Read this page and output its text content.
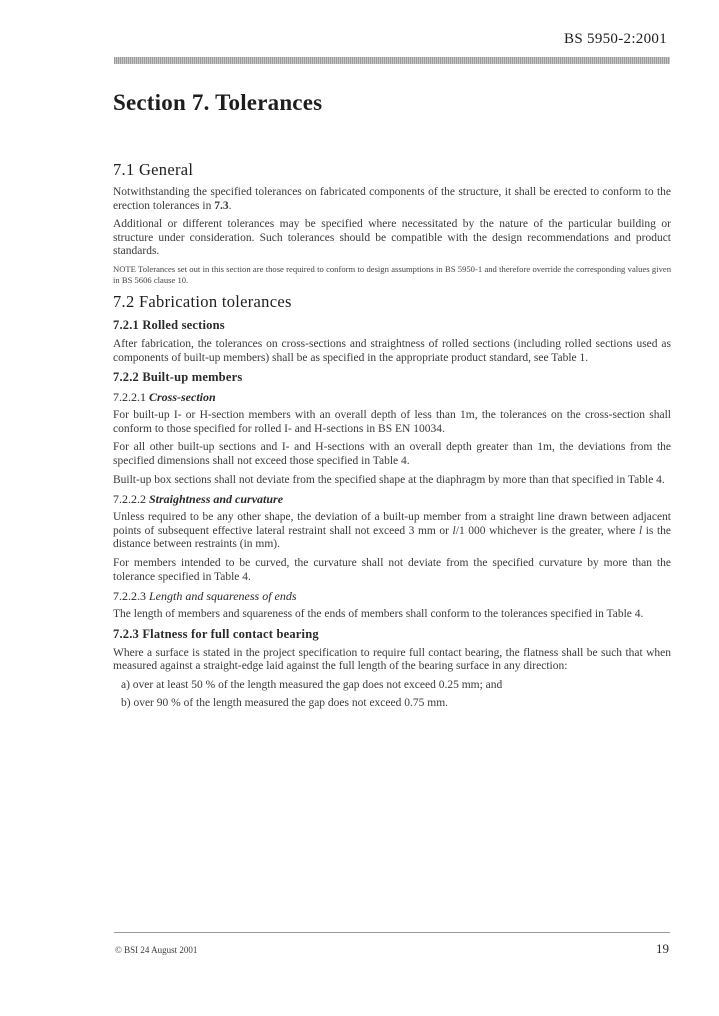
BS 5950-2:2001
Section 7. Tolerances
7.1 General

Notwithstanding the specified tolerances on fabricated components of the structure, it shall be erected to conform to the erection tolerances in 7.3.

Additional or different tolerances may be specified where necessitated by the nature of the particular building or structure under consideration. Such tolerances should be compatible with the design recommendations and product standards.

NOTE Tolerances set out in this section are those required to conform to design assumptions in BS 5950-1 and therefore override the corresponding values given in BS 5606 clause 10.

7.2 Fabrication tolerances
7.2.1 Rolled sections

After fabrication, the tolerances on cross-sections and straightness of rolled sections (including rolled sections used as components of built-up members) shall be as specified in the appropriate product standard, see Table 1.

7.2.2 Built-up members
7.2.2.1 Cross-section

For built-up I- or H-section members with an overall depth of less than 1m, the tolerances on the cross-section shall conform to those specified for rolled I- and H-sections in BS EN 10034.

For all other built-up sections and I- and H-sections with an overall depth greater than 1m, the deviations from the specified dimensions shall not exceed those specified in Table 4.

Built-up box sections shall not deviate from the specified shape at the diaphragm by more than that specified in Table 4.

7.2.2.2 Straightness and curvature

Unless required to be any other shape, the deviation of a built-up member from a straight line drawn between adjacent points of subsequent effective lateral restraint shall not exceed 3 mm or l/1 000 whichever is the greater, where l is the distance between restraints (in mm).

For members intended to be curved, the curvature shall not deviate from the specified curvature by more than the tolerance specified in Table 4.

7.2.2.3 Length and squareness of ends

The length of members and squareness of the ends of members shall conform to the tolerances specified in Table 4.

7.2.3 Flatness for full contact bearing

Where a surface is stated in the project specification to require full contact bearing, the flatness shall be such that when measured against a straight-edge laid against the full length of the bearing surface in any direction:

a) over at least 50 % of the length measured the gap does not exceed 0.25 mm; and
b) over 90 % of the length measured the gap does not exceed 0.75 mm.
© BSI 24 August 2001	19
